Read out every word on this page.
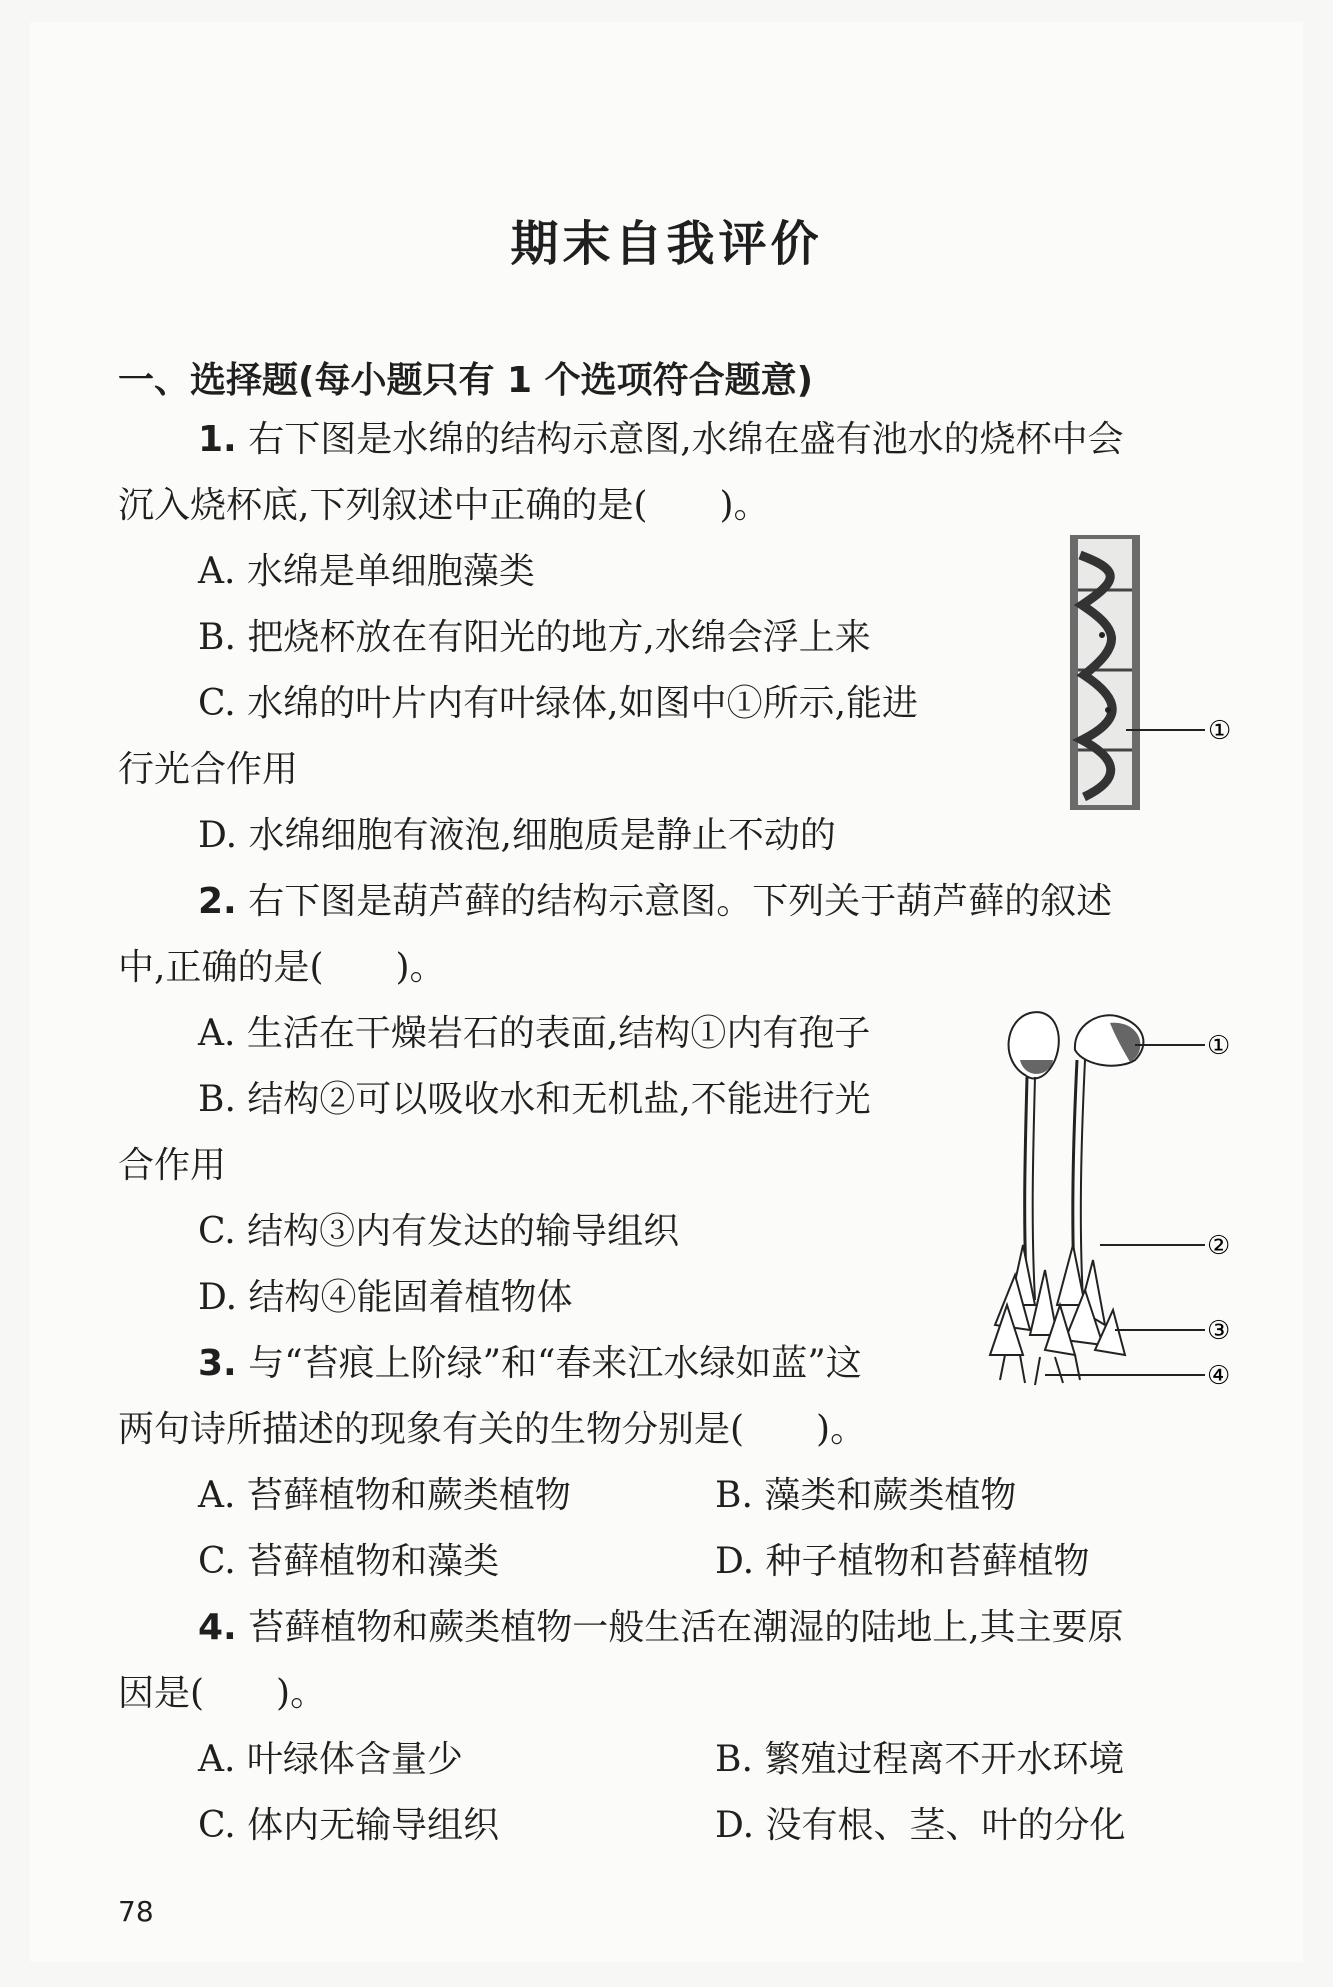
期末自我评价
一、选择题(每小题只有 1 个选项符合题意)
1. 右下图是水绵的结构示意图,水绵在盛有池水的烧杯中会
沉入烧杯底,下列叙述中正确的是(　　)。
A. 水绵是单细胞藻类
B. 把烧杯放在有阳光的地方,水绵会浮上来
C. 水绵的叶片内有叶绿体,如图中①所示,能进
行光合作用
D. 水绵细胞有液泡,细胞质是静止不动的
①
2. 右下图是葫芦藓的结构示意图。下列关于葫芦藓的叙述
中,正确的是(　　)。
A. 生活在干燥岩石的表面,结构①内有孢子
B. 结构②可以吸收水和无机盐,不能进行光
合作用
C. 结构③内有发达的输导组织
D. 结构④能固着植物体
①
②
③
④
3. 与“苔痕上阶绿”和“春来江水绿如蓝”这
两句诗所描述的现象有关的生物分别是(　　)。
A. 苔藓植物和蕨类植物	B. 藻类和蕨类植物
C. 苔藓植物和藻类	D. 种子植物和苔藓植物
4. 苔藓植物和蕨类植物一般生活在潮湿的陆地上,其主要原
因是(　　)。
A. 叶绿体含量少	B. 繁殖过程离不开水环境
C. 体内无输导组织	D. 没有根、茎、叶的分化
78
